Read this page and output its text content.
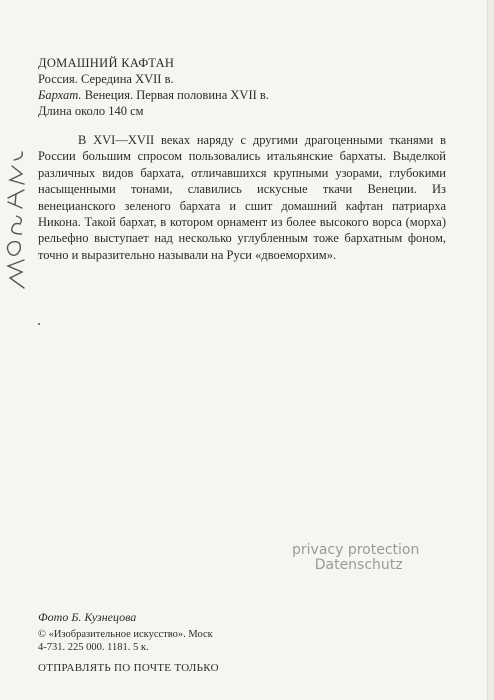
ДОМАШНИЙ КАФТАН
Россия. Середина XVII в.
Бархат. Венеция. Первая половина XVII в.
Длина около 140 см
В XVI—XVII веках наряду с другими драгоценными тканями в России большим спросом пользовались итальянские бархаты. Выделкой различных видов бархата, отличавшихся крупными узорами, глубокими насыщенными тонами, славились искусные ткачи Венеции. Из венецианского зеленого бархата и сшит домашний кафтан патриарха Никона. Такой бархат, в котором орнамент из более высокого ворса (морха) рельефно выступает над несколько углубленным тоже бархатным фоном, точно и выразительно называли на Руси «двоеморхим».
privacy protection
Datenschutz
Фото Б. Кузнецова
© «Изобразительное искусство». Моск
4-731. 225 000. 1181. 5 к.
ОТПРАВЛЯТЬ ПО ПОЧТЕ ТОЛЬКО
